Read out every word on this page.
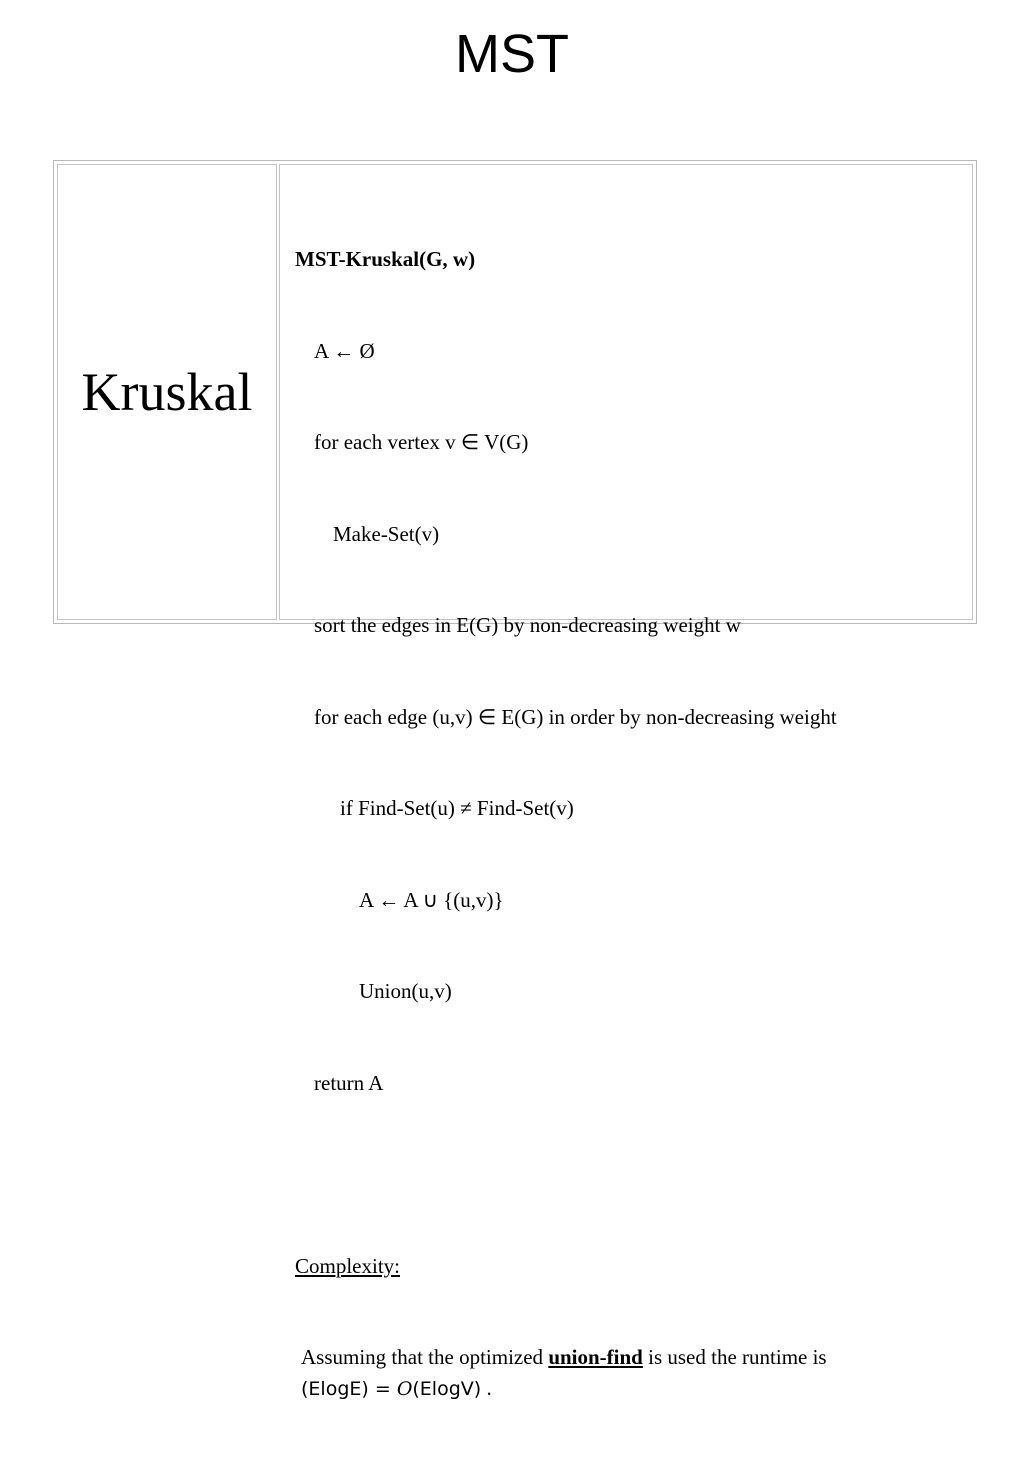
MST
Kruskal

MST-Kruskal(G, w)

A ← Ø

for each vertex v ∈ V(G)

Make-Set(v)

sort the edges in E(G) by non-decreasing weight w

for each edge (u,v) ∈ E(G) in order by non-decreasing weight

if Find-Set(u) ≠ Find-Set(v)

A ← A ∪ {(u,v)}

Union(u,v)

return A

Complexity:

Assuming that the optimized union-find is used the runtime is
(ElogE) = O(ElogV) .
